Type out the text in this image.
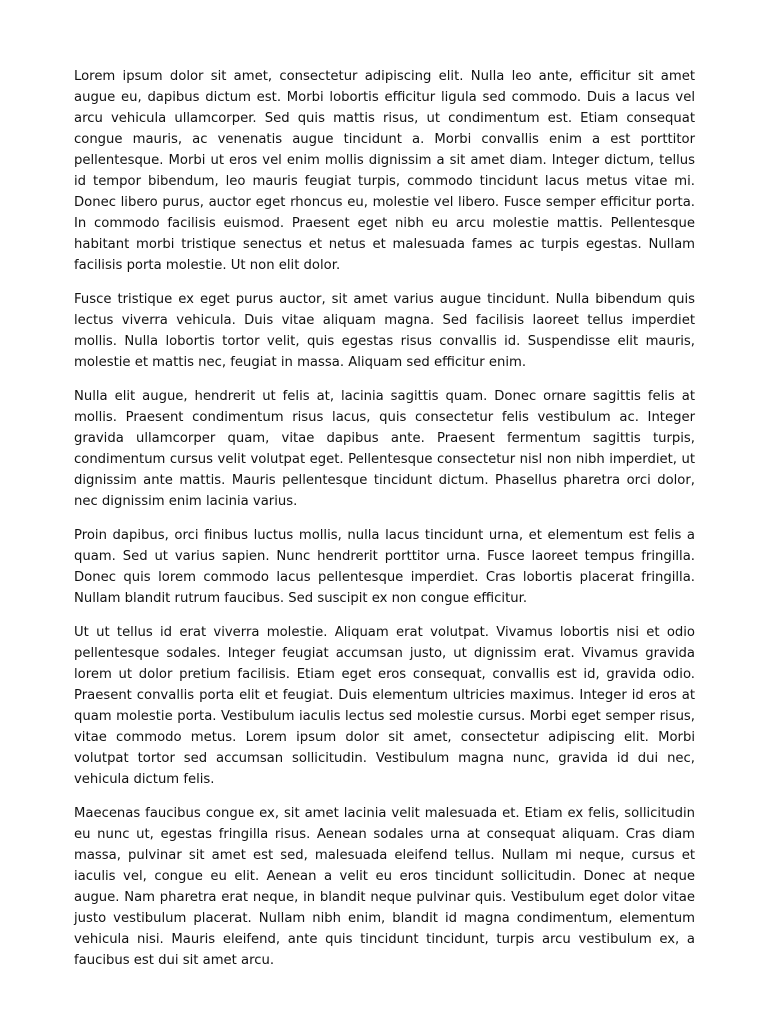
Lorem ipsum dolor sit amet, consectetur adipiscing elit. Nulla leo ante, efficitur sit amet augue eu, dapibus dictum est. Morbi lobortis efficitur ligula sed commodo. Duis a lacus vel arcu vehicula ullamcorper. Sed quis mattis risus, ut condimentum est. Etiam consequat congue mauris, ac venenatis augue tincidunt a. Morbi convallis enim a est porttitor pellentesque. Morbi ut eros vel enim mollis dignissim a sit amet diam. Integer dictum, tellus id tempor bibendum, leo mauris feugiat turpis, commodo tincidunt lacus metus vitae mi. Donec libero purus, auctor eget rhoncus eu, molestie vel libero. Fusce semper efficitur porta. In commodo facilisis euismod. Praesent eget nibh eu arcu molestie mattis. Pellentesque habitant morbi tristique senectus et netus et malesuada fames ac turpis egestas. Nullam facilisis porta molestie. Ut non elit dolor.

Fusce tristique ex eget purus auctor, sit amet varius augue tincidunt. Nulla bibendum quis lectus viverra vehicula. Duis vitae aliquam magna. Sed facilisis laoreet tellus imperdiet mollis. Nulla lobortis tortor velit, quis egestas risus convallis id. Suspendisse elit mauris, molestie et mattis nec, feugiat in massa. Aliquam sed efficitur enim.

Nulla elit augue, hendrerit ut felis at, lacinia sagittis quam. Donec ornare sagittis felis at mollis. Praesent condimentum risus lacus, quis consectetur felis vestibulum ac. Integer gravida ullamcorper quam, vitae dapibus ante. Praesent fermentum sagittis turpis, condimentum cursus velit volutpat eget. Pellentesque consectetur nisl non nibh imperdiet, ut dignissim ante mattis. Mauris pellentesque tincidunt dictum. Phasellus pharetra orci dolor, nec dignissim enim lacinia varius.

Proin dapibus, orci finibus luctus mollis, nulla lacus tincidunt urna, et elementum est felis a quam. Sed ut varius sapien. Nunc hendrerit porttitor urna. Fusce laoreet tempus fringilla. Donec quis lorem commodo lacus pellentesque imperdiet. Cras lobortis placerat fringilla. Nullam blandit rutrum faucibus. Sed suscipit ex non congue efficitur.

Ut ut tellus id erat viverra molestie. Aliquam erat volutpat. Vivamus lobortis nisi et odio pellentesque sodales. Integer feugiat accumsan justo, ut dignissim erat. Vivamus gravida lorem ut dolor pretium facilisis. Etiam eget eros consequat, convallis est id, gravida odio. Praesent convallis porta elit et feugiat. Duis elementum ultricies maximus. Integer id eros at quam molestie porta. Vestibulum iaculis lectus sed molestie cursus. Morbi eget semper risus, vitae commodo metus. Lorem ipsum dolor sit amet, consectetur adipiscing elit. Morbi volutpat tortor sed accumsan sollicitudin. Vestibulum magna nunc, gravida id dui nec, vehicula dictum felis.

Maecenas faucibus congue ex, sit amet lacinia velit malesuada et. Etiam ex felis, sollicitudin eu nunc ut, egestas fringilla risus. Aenean sodales urna at consequat aliquam. Cras diam massa, pulvinar sit amet est sed, malesuada eleifend tellus. Nullam mi neque, cursus et iaculis vel, congue eu elit. Aenean a velit eu eros tincidunt sollicitudin. Donec at neque augue. Nam pharetra erat neque, in blandit neque pulvinar quis. Vestibulum eget dolor vitae justo vestibulum placerat. Nullam nibh enim, blandit id magna condimentum, elementum vehicula nisi. Mauris eleifend, ante quis tincidunt tincidunt, turpis arcu vestibulum ex, a faucibus est dui sit amet arcu.
